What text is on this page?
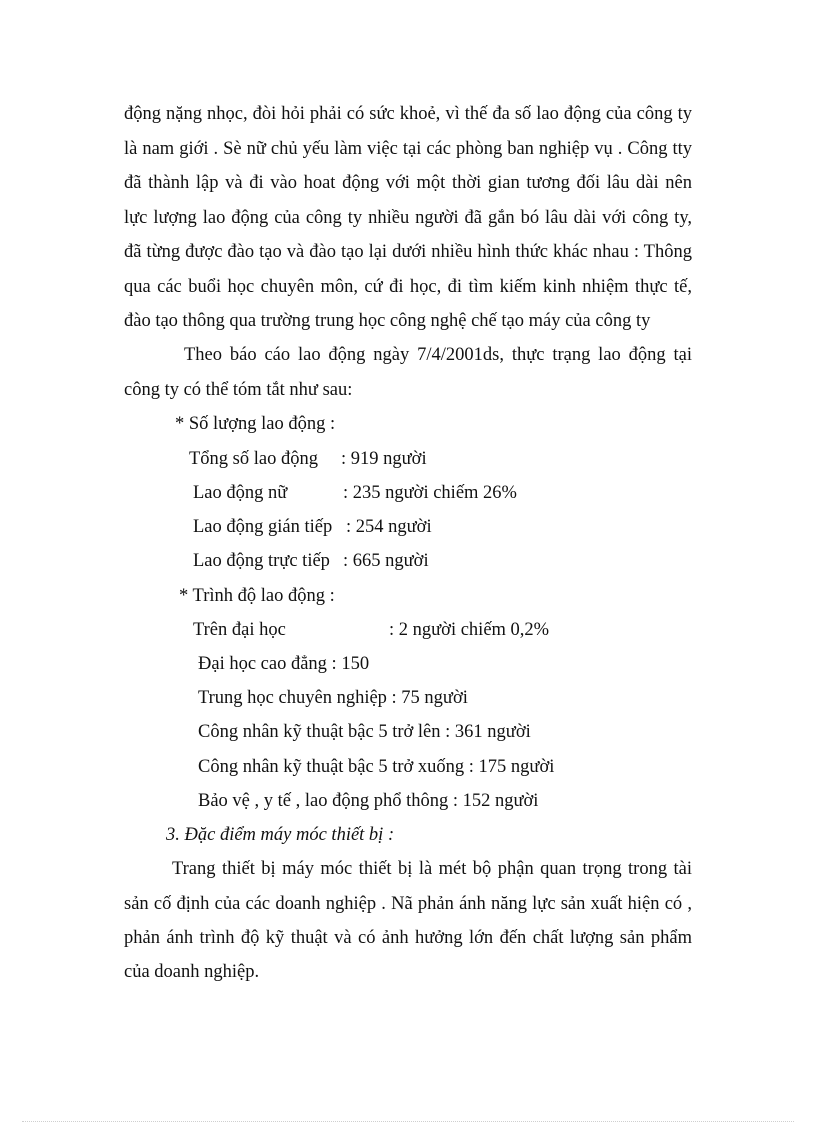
động nặng nhọc, đòi hỏi phải có sức khoẻ, vì thế đa số lao động của công ty
là nam giới . Sè nữ chủ yếu làm việc tại các phòng ban nghiệp vụ . Công tty
đã thành lập và đi vào hoat động với một thời gian tương đối lâu dài nên
lực lượng lao động của công ty nhiều người đã gắn bó lâu dài với công ty,
đã từng được đào tạo và đào tạo lại dưới nhiều hình thức khác nhau : Thông
qua các buổi học chuyên môn, cứ đi học, đi tìm kiếm kinh nhiệm thực tế,
đào tạo thông qua trường trung học công nghệ chế tạo máy của công ty
Theo báo cáo lao động ngày 7/4/2001ds, thực trạng lao động tại
công ty có thể tóm tắt như sau:
* Số lượng lao động :
Tổng số lao động : 919 người
Lao động nữ	: 235 người chiếm 26%
Lao động gián tiếp : 254 người
Lao động trực tiếp : 665 người
* Trình độ lao động :
Trên đại học	: 2 người chiếm 0,2%
Đại học cao đẳng : 150
Trung học chuyên nghiệp : 75 người
Công nhân kỹ thuật bậc 5 trở lên : 361 người
Công nhân kỹ thuật bậc 5 trở xuống : 175 người
Bảo vệ , y tế , lao động phổ thông : 152 người
3. Đặc điểm máy móc thiết bị :
Trang thiết bị máy móc thiết bị là mét bộ phận quan trọng trong tài
sản cố định của các doanh nghiệp . Nã phản ánh năng lực sản xuất hiện có ,
phản ánh trình độ kỹ thuật và có ảnh hưởng lớn đến chất lượng sản phẩm
của doanh nghiệp.
